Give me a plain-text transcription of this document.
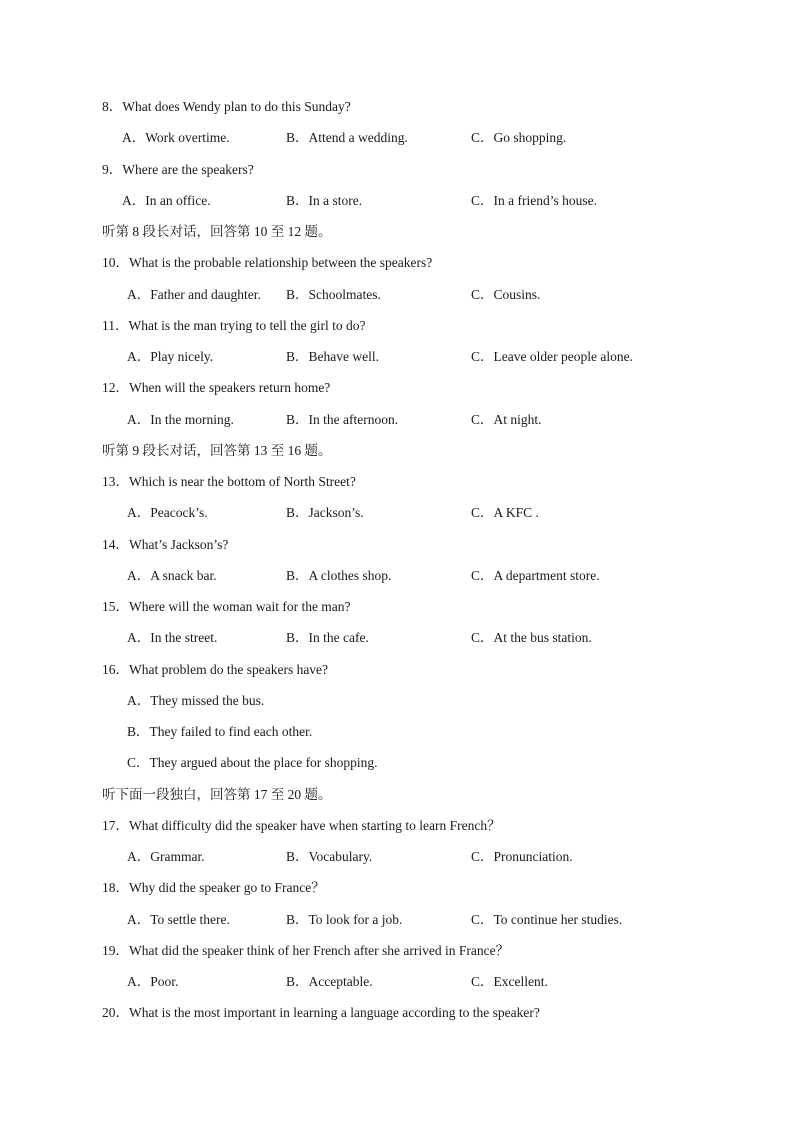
8．What does Wendy plan to do this Sunday?
A．Work overtime.	B．Attend a wedding.	C．Go shopping.
9．Where are the speakers?
A．In an office.	B．In a store.	C．In a friend’s house.
听第 8 段长对话，回答第 10 至 12 题。
10．What is the probable relationship between the speakers?
A．Father and daughter. B．Schoolmates.	C．Cousins.
11．What is the man trying to tell the girl to do?
A．Play nicely.	B．Behave well.	C．Leave older people alone.
12．When will the speakers return home?
A．In the morning.	B．In the afternoon.	C．At night.
听第 9 段长对话，回答第 13 至 16 题。
13．Which is near the bottom of North Street?
A．Peacock’s.	B．Jackson’s.	C．A KFC .
14．What’s Jackson’s?
A．A snack bar.	B．A clothes shop.	C．A department store.
15．Where will the woman wait for the man?
A．In the street.	B．In the cafe.	C．At the bus station.
16．What problem do the speakers have?
A．They missed the bus.
B．They failed to find each other.
C．They argued about the place for shopping.
听下面一段独白，回答第 17 至 20 题。
17．What difficulty did the speaker have when starting to learn French？
A．Grammar.	B．Vocabulary.	C．Pronunciation.
18．Why did the speaker go to France？
A．To settle there.	B．To look for a job.	C．To continue her studies.
19．What did the speaker think of her French after she arrived in France？
A．Poor.	B．Acceptable.	C．Excellent.
20．What is the most important in learning a language according to the speaker?
